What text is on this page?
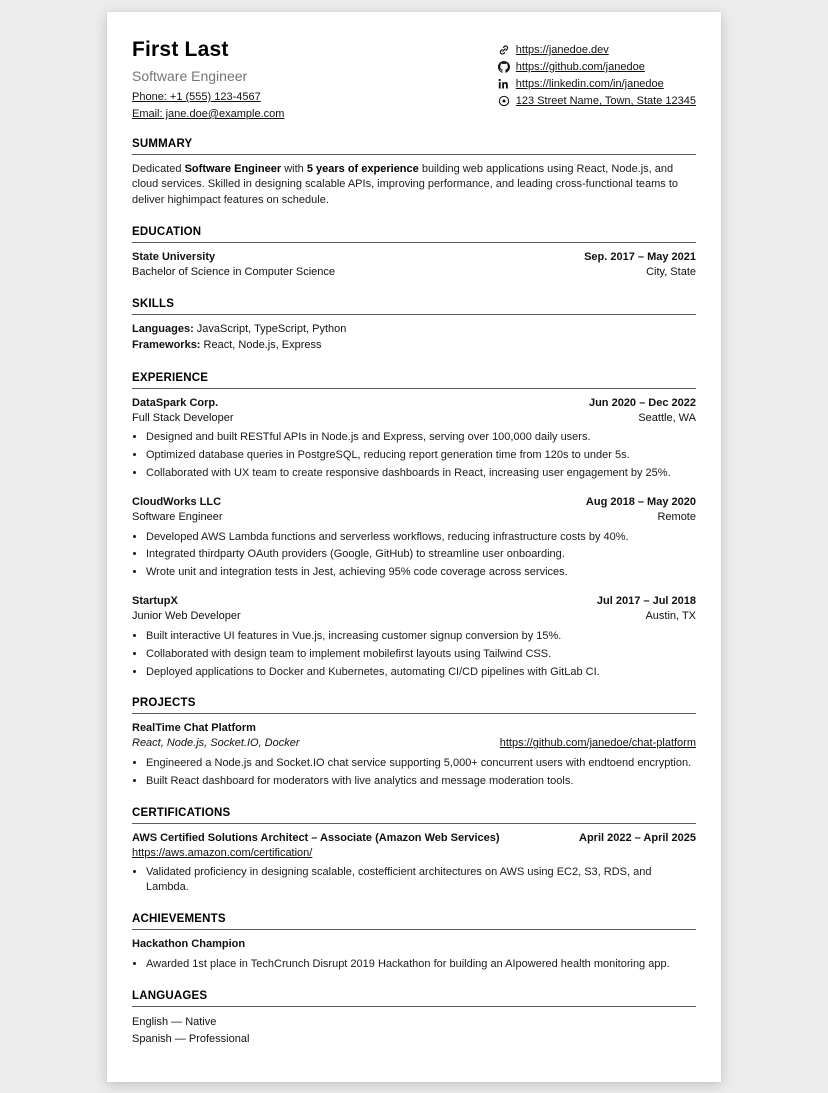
First Last
Software Engineer
Phone: +1 (555) 123-4567
Email: jane.doe@example.com
https://janedoe.dev
https://github.com/janedoe
https://linkedin.com/in/janedoe
123 Street Name, Town, State 12345
SUMMARY
Dedicated Software Engineer with 5 years of experience building web applications using React, Node.js, and cloud services. Skilled in designing scalable APIs, improving performance, and leading cross-functional teams to deliver highimpact features on schedule.
EDUCATION
State University	Sep. 2017 – May 2021
Bachelor of Science in Computer Science	City, State
SKILLS
Languages: JavaScript, TypeScript, Python
Frameworks: React, Node.js, Express
EXPERIENCE
DataSpark Corp.	Jun 2020 – Dec 2022
Full Stack Developer	Seattle, WA
• Designed and built RESTful APIs in Node.js and Express, serving over 100,000 daily users.
• Optimized database queries in PostgreSQL, reducing report generation time from 120s to under 5s.
• Collaborated with UX team to create responsive dashboards in React, increasing user engagement by 25%.
CloudWorks LLC	Aug 2018 – May 2020
Software Engineer	Remote
• Developed AWS Lambda functions and serverless workflows, reducing infrastructure costs by 40%.
• Integrated thirdparty OAuth providers (Google, GitHub) to streamline user onboarding.
• Wrote unit and integration tests in Jest, achieving 95% code coverage across services.
StartupX	Jul 2017 – Jul 2018
Junior Web Developer	Austin, TX
• Built interactive UI features in Vue.js, increasing customer signup conversion by 15%.
• Collaborated with design team to implement mobilefirst layouts using Tailwind CSS.
• Deployed applications to Docker and Kubernetes, automating CI/CD pipelines with GitLab CI.
PROJECTS
RealTime Chat Platform
React, Node.js, Socket.IO, Docker	https://github.com/janedoe/chat-platform
• Engineered a Node.js and Socket.IO chat service supporting 5,000+ concurrent users with endtoend encryption.
• Built React dashboard for moderators with live analytics and message moderation tools.
CERTIFICATIONS
AWS Certified Solutions Architect – Associate (Amazon Web Services)	April 2022 – April 2025
https://aws.amazon.com/certification/
• Validated proficiency in designing scalable, costefficient architectures on AWS using EC2, S3, RDS, and Lambda.
ACHIEVEMENTS
Hackathon Champion
• Awarded 1st place in TechCrunch Disrupt 2019 Hackathon for building an AIpowered health monitoring app.
LANGUAGES
English — Native
Spanish — Professional
